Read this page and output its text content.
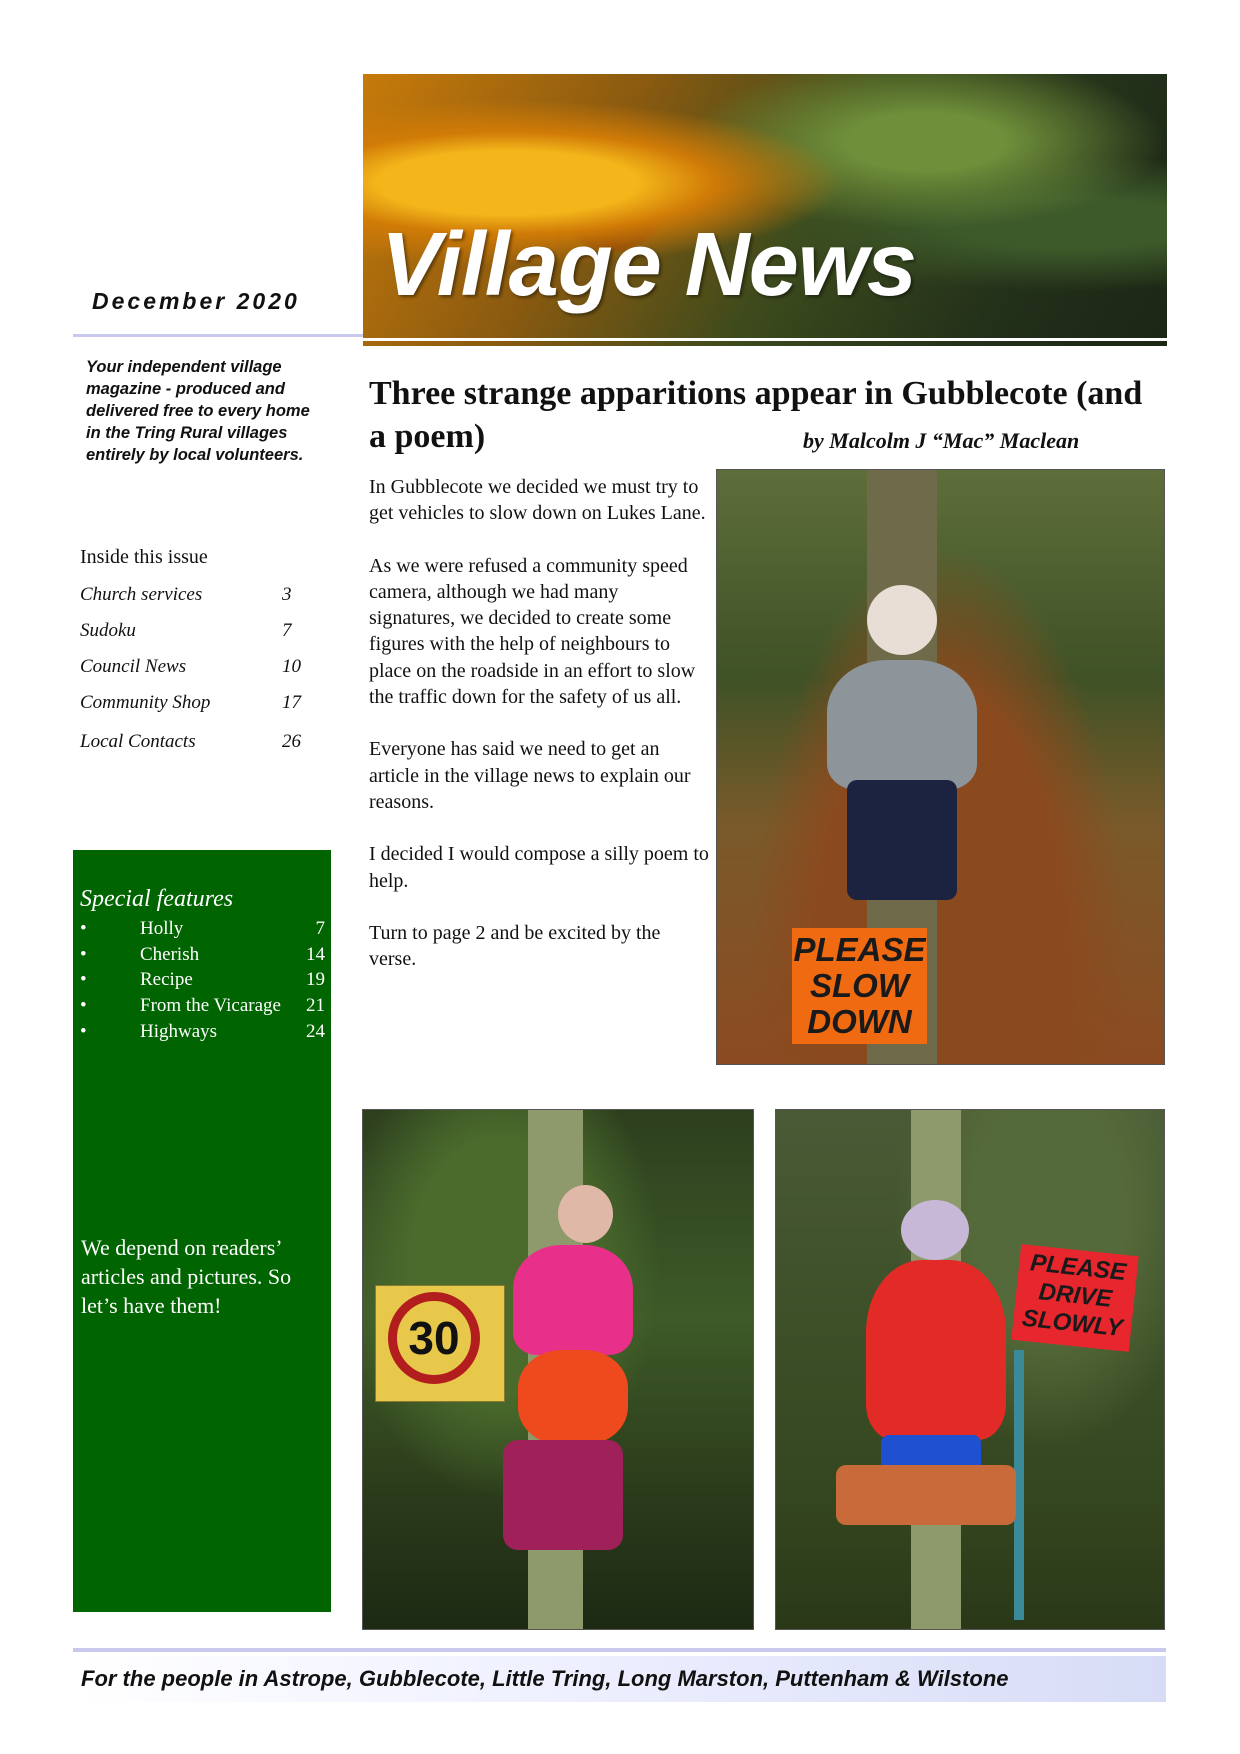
Village News
December 2020
Your independent village magazine - produced and delivered free to every home in the Tring Rural villages entirely by local volunteers.
Inside this issue
Church services	3
Sudoku	7
Council News	10
Community Shop	17
Local Contacts	26
Special features
•	Holly	7
•	Cherish	14
•	Recipe	19
•	From the Vicarage 21
•	Highways	24
We depend on readers’ articles and pictures. So let’s have them!
Three strange apparitions appear in Gubblecote (and a poem)	by Malcolm J “Mac” Maclean

In Gubblecote we decided we must try to get vehicles to slow down on Lukes Lane.

As we were refused a community speed camera, although we had many signatures, we decided to create some figures with the help of neighbours to place on the roadside in an effort to slow the traffic down for the safety of us all.

Everyone has said we need to get an article in the village news to explain our reasons.

I decided I would compose a silly poem to help.

Turn to page 2 and be excited by the verse.	PLEASE SLOW DOWN
30
PLEASE DRIVE SLOWLY
For the people in Astrope, Gubblecote, Little Tring, Long Marston, Puttenham & Wilstone
